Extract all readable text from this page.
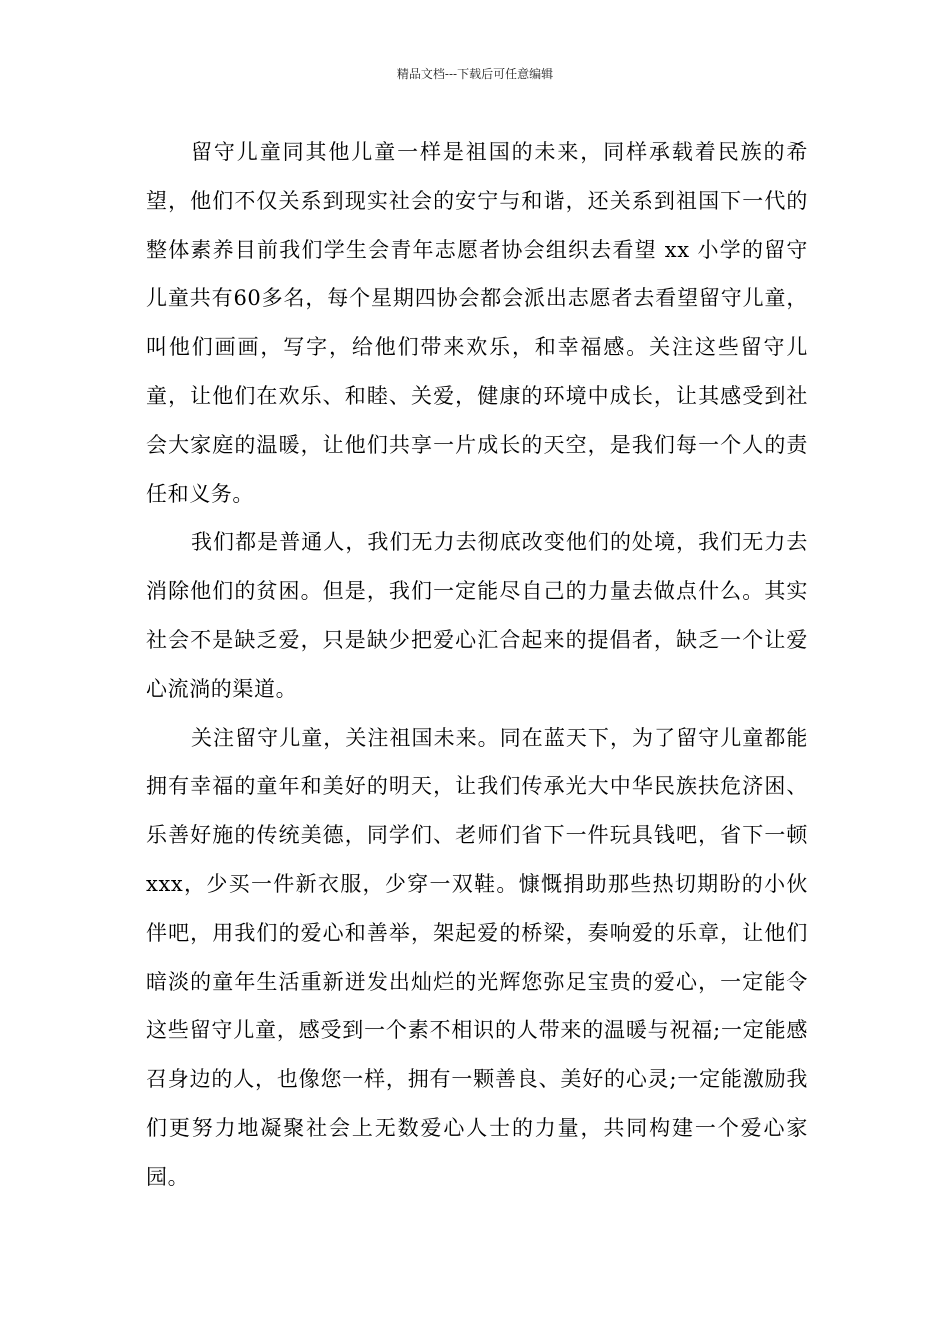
精品文档---下载后可任意编辑

留守儿童同其他儿童一样是祖国的未来，同样承载着民族的希望，他们不仅关系到现实社会的安宁与和谐，还关系到祖国下一代的整体素养目前我们学生会青年志愿者协会组织去看望 xx 小学的留守儿童共有60多名，每个星期四协会都会派出志愿者去看望留守儿童，叫他们画画，写字，给他们带来欢乐，和幸福感。关注这些留守儿童，让他们在欢乐、和睦、关爱，健康的环境中成长，让其感受到社会大家庭的温暖，让他们共享一片成长的天空，是我们每一个人的责任和义务。

我们都是普通人，我们无力去彻底改变他们的处境，我们无力去消除他们的贫困。但是，我们一定能尽自己的力量去做点什么。其实社会不是缺乏爱，只是缺少把爱心汇合起来的提倡者，缺乏一个让爱心流淌的渠道。

关注留守儿童，关注祖国未来。同在蓝天下，为了留守儿童都能拥有幸福的童年和美好的明天，让我们传承光大中华民族扶危济困、乐善好施的传统美德，同学们、老师们省下一件玩具钱吧，省下一顿 xxx，少买一件新衣服，少穿一双鞋。慷慨捐助那些热切期盼的小伙伴吧，用我们的爱心和善举，架起爱的桥梁，奏响爱的乐章，让他们暗淡的童年生活重新迸发出灿烂的光辉您弥足宝贵的爱心，一定能令这些留守儿童，感受到一个素不相识的人带来的温暖与祝福;一定能感召身边的人，也像您一样，拥有一颗善良、美好的心灵;一定能激励我们更努力地凝聚社会上无数爱心人士的力量，共同构建一个爱心家园。
